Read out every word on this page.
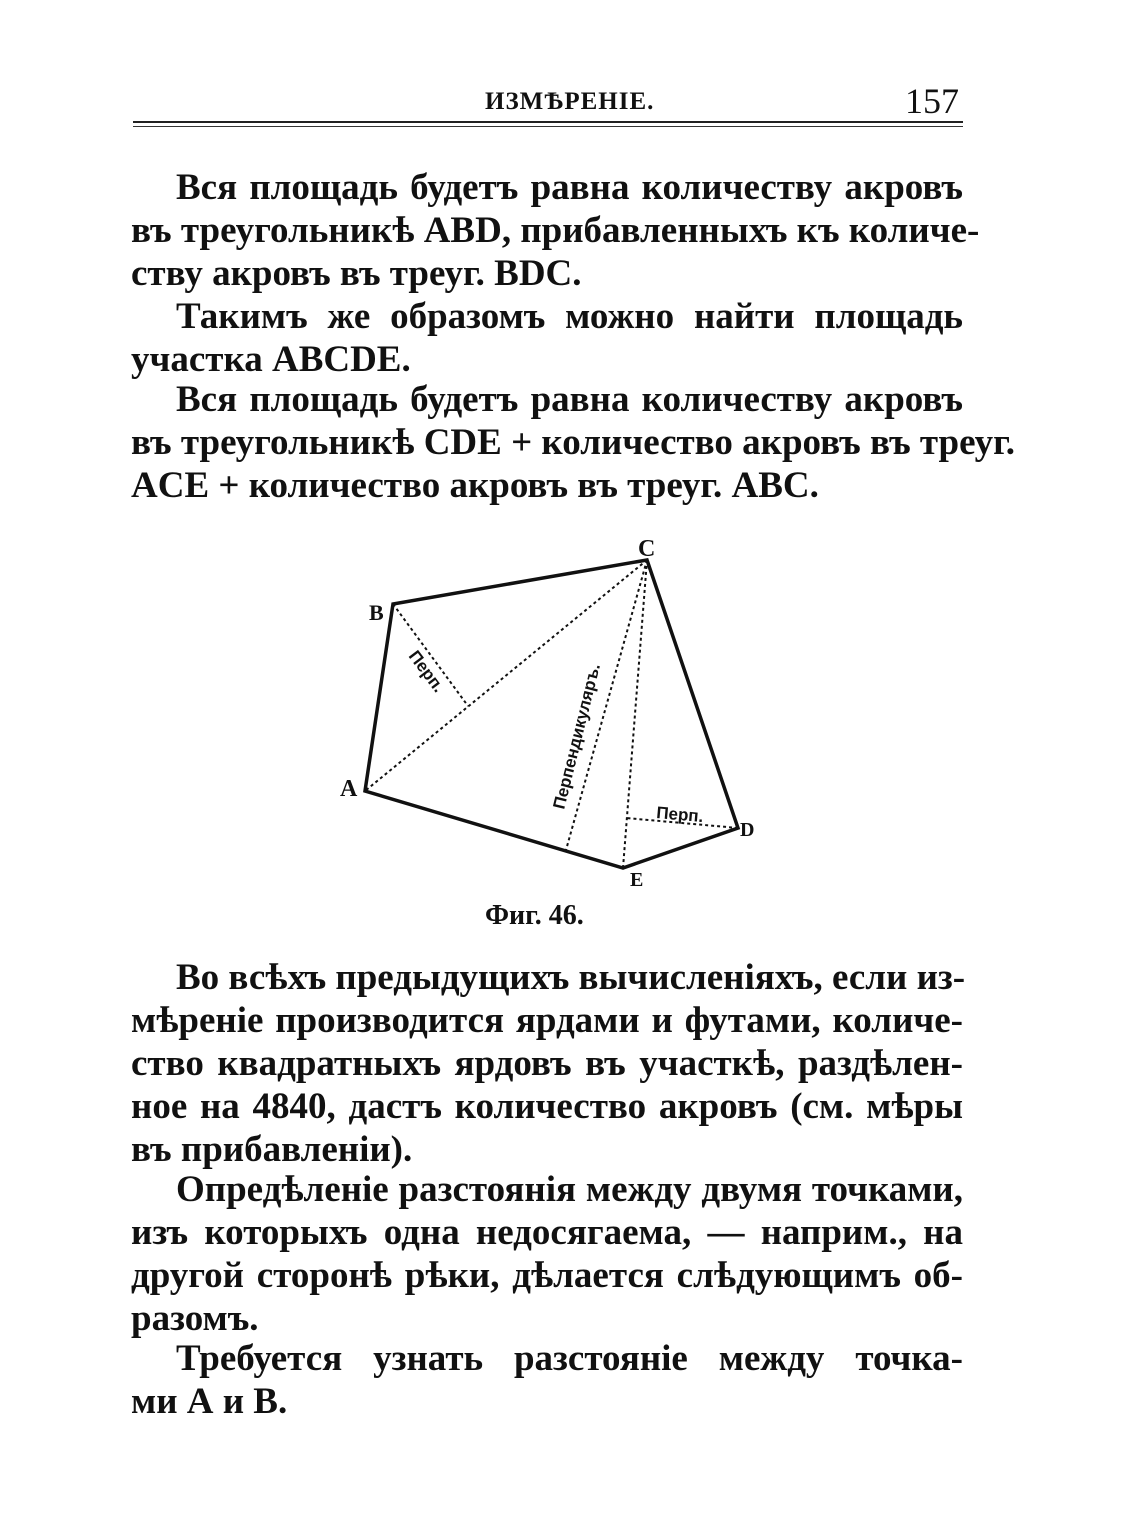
ИЗМѢРЕНІЕ.	157

Вся площадь будетъ равна количеству акровъ

въ треугольникѣ ABD, прибавленныхъ къ количе-

ству акровъ въ треуг. BDC.

Такимъ же образомъ можно найти площадь

участка ABCDE.

Вся площадь будетъ равна количеству акровъ

въ треугольникѣ CDE + количество акровъ въ треуг.

ACE + количество акровъ въ треуг. ABC.

B
C
A
D
E
Перп.	Перпендикуляръ.
Перп.
Фиг. 46.

Во всѣхъ предыдущихъ вычисленіяхъ, если из-

мѣреніе производится ярдами и футами, количе-

ство квадратныхъ ярдовъ въ участкѣ, раздѣлен-

ное на 4840, дастъ количество акровъ (см. мѣры

въ прибавленіи).

Опредѣленіе разстоянія между двумя точками,

изъ которыхъ одна недосягаема, — наприм., на

другой сторонѣ рѣки, дѣлается слѣдующимъ об-

разомъ.

Требуется узнать разстояніе между точка-

ми А и В.
